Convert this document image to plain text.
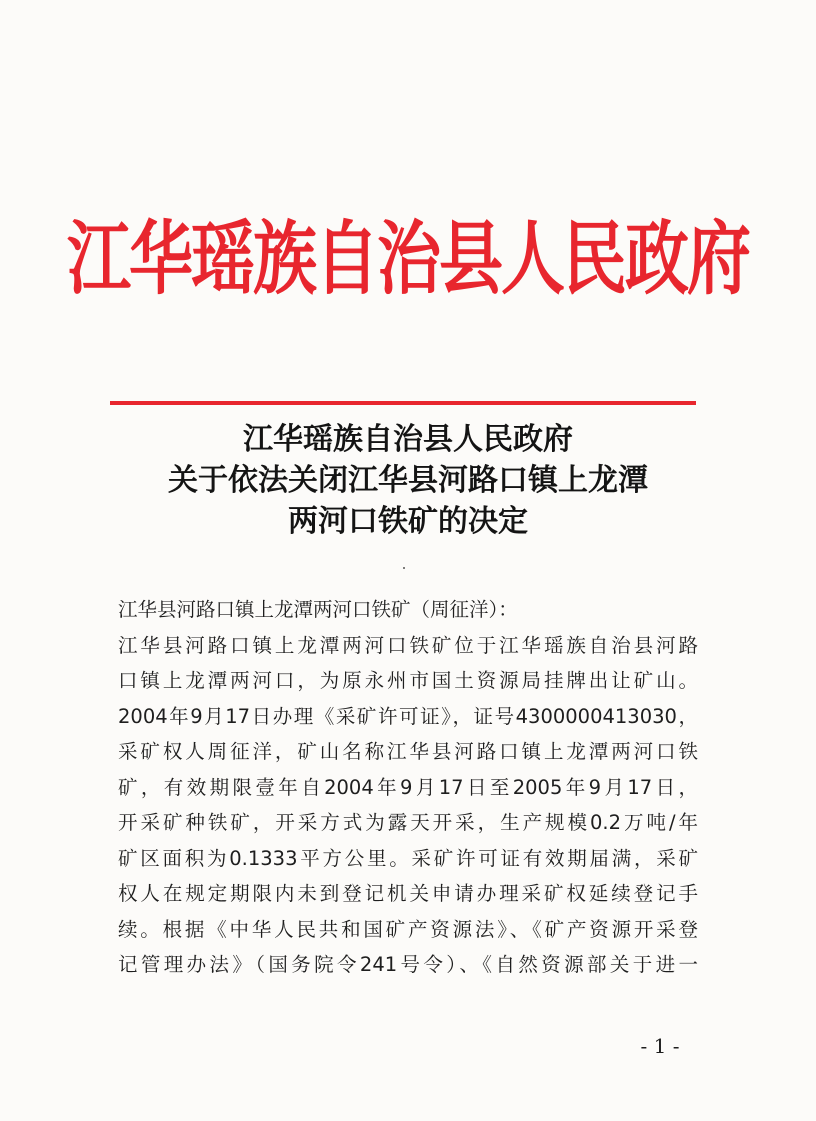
江华瑶族自治县人民政府
江华瑶族自治县人民政府
关于依法关闭江华县河路口镇上龙潭
两河口铁矿的决定
江华县河路口镇上龙潭两河口铁矿（周征洋）：
江华县河路口镇上龙潭两河口铁矿位于江华瑶族自治县河路
口镇上龙潭两河口，为原永州市国土资源局挂牌出让矿山。
2004年9月17日办理《采矿许可证》，证号4300000413030，
采矿权人周征洋，矿山名称江华县河路口镇上龙潭两河口铁
矿，有效期限壹年自2004年9月17日至2005年9月17日，
开采矿种铁矿，开采方式为露天开采，生产规模0.2万吨/年
矿区面积为0.1333平方公里。采矿许可证有效期届满，采矿
权人在规定期限内未到登记机关申请办理采矿权延续登记手
续。根据《中华人民共和国矿产资源法》、《矿产资源开采登
记管理办法》（国务院令241号令）、《自然资源部关于进一
- 1 -
